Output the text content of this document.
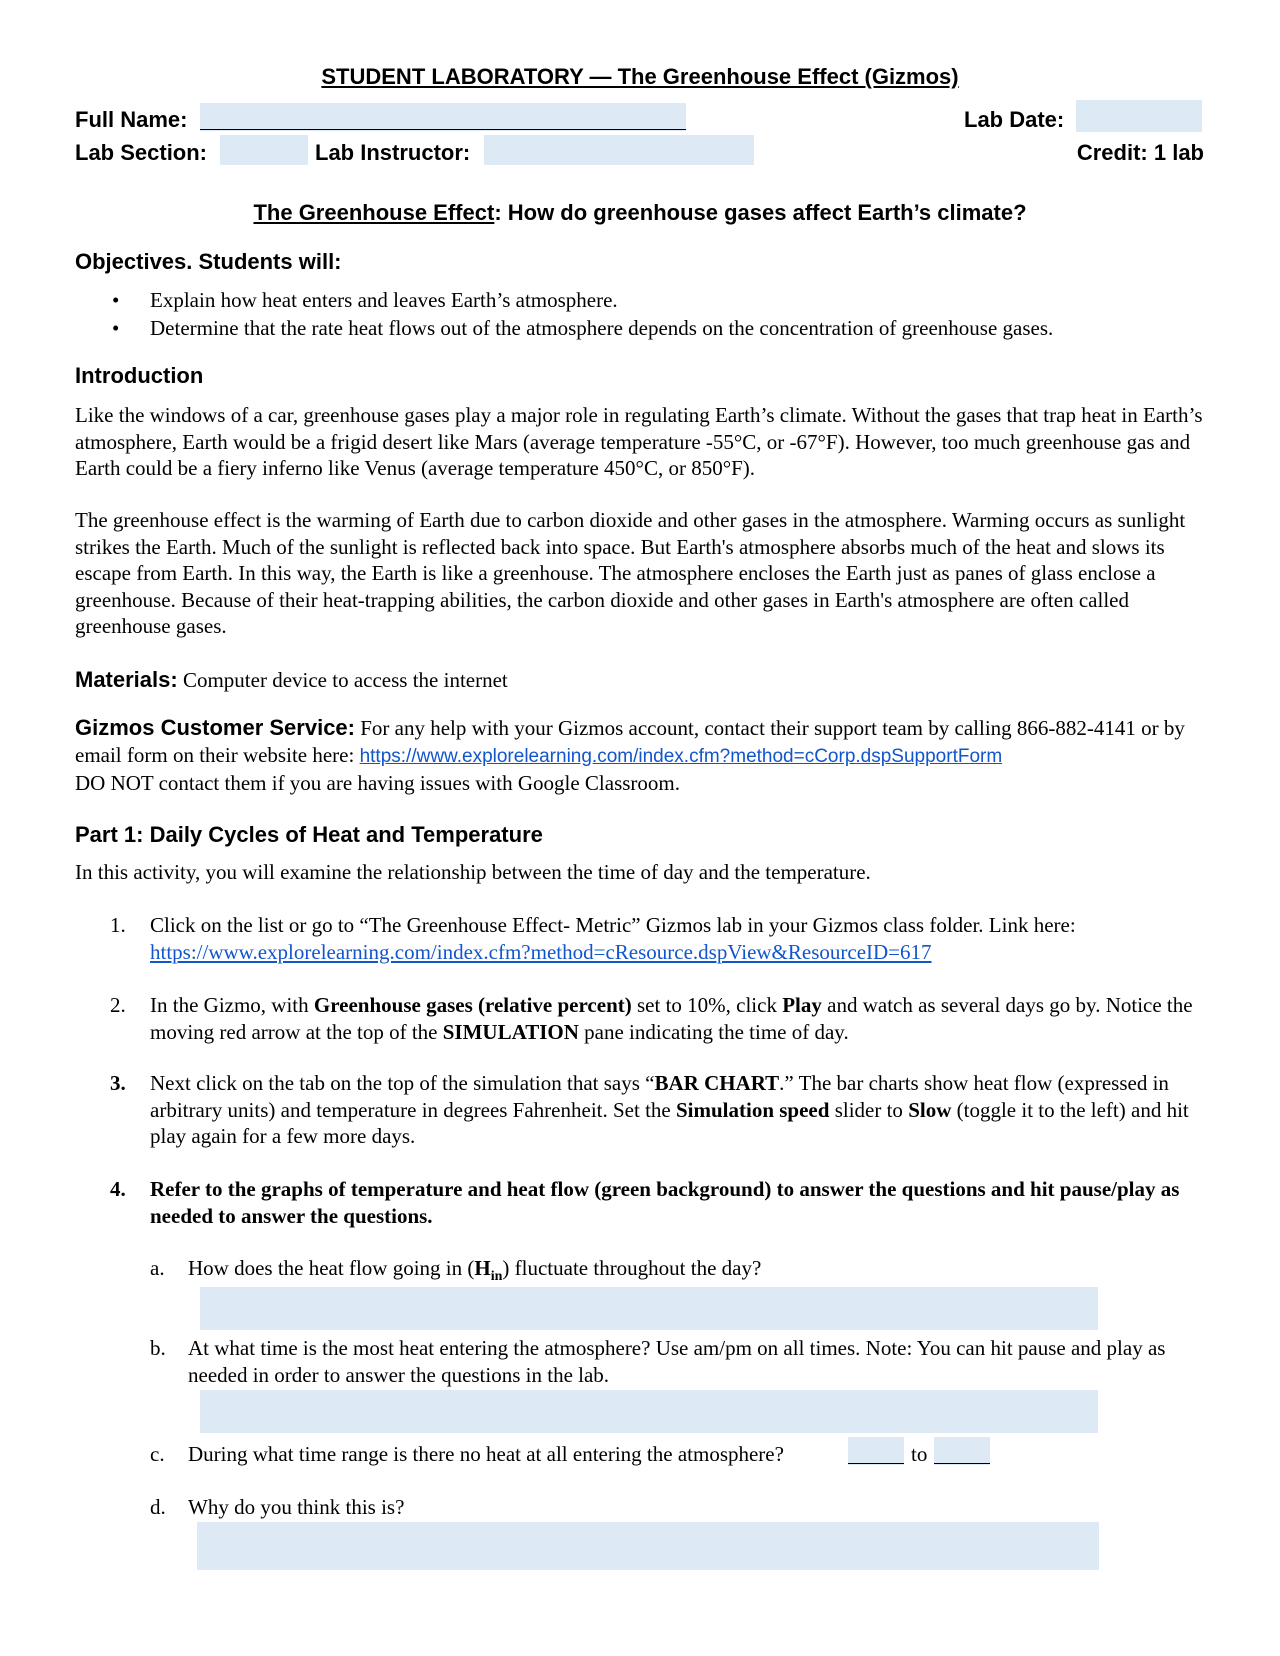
STUDENT LABORATORY — The Greenhouse Effect (Gizmos)
Full Name:	Lab Date:
Lab Section:	Lab Instructor:	Credit: 1 lab
The Greenhouse Effect: How do greenhouse gases affect Earth’s climate?
Objectives. Students will:
• Explain how heat enters and leaves Earth’s atmosphere.
• Determine that the rate heat flows out of the atmosphere depends on the concentration of greenhouse gases.
Introduction
Like the windows of a car, greenhouse gases play a major role in regulating Earth’s climate. Without the gases that trap heat in Earth’s atmosphere, Earth would be a frigid desert like Mars (average temperature -55°C, or -67°F). However, too much greenhouse gas and Earth could be a fiery inferno like Venus (average temperature 450°C, or 850°F).
The greenhouse effect is the warming of Earth due to carbon dioxide and other gases in the atmosphere. Warming occurs as sunlight strikes the Earth. Much of the sunlight is reflected back into space. But Earth's atmosphere absorbs much of the heat and slows its escape from Earth. In this way, the Earth is like a greenhouse. The atmosphere encloses the Earth just as panes of glass enclose a greenhouse. Because of their heat-trapping abilities, the carbon dioxide and other gases in Earth's atmosphere are often called greenhouse gases.
Materials: Computer device to access the internet
Gizmos Customer Service: For any help with your Gizmos account, contact their support team by calling 866-882-4141 or by email form on their website here: https://www.explorelearning.com/index.cfm?method=cCorp.dspSupportForm
DO NOT contact them if you are having issues with Google Classroom.
Part 1: Daily Cycles of Heat and Temperature
In this activity, you will examine the relationship between the time of day and the temperature.
1.	Click on the list or go to “The Greenhouse Effect- Metric” Gizmos lab in your Gizmos class folder. Link here:
https://www.explorelearning.com/index.cfm?method=cResource.dspView&ResourceID=617
2.	In the Gizmo, with Greenhouse gases (relative percent) set to 10%, click Play and watch as several days go by. Notice the moving red arrow at the top of the SIMULATION pane indicating the time of day.
3.	Next click on the tab on the top of the simulation that says “BAR CHART.” The bar charts show heat flow (expressed in arbitrary units) and temperature in degrees Fahrenheit. Set the Simulation speed slider to Slow (toggle it to the left) and hit play again for a few more days.
4.	Refer to the graphs of temperature and heat flow (green background) to answer the questions and hit pause/play as needed to answer the questions.
a. How does the heat flow going in $(H_{in})$ fluctuate throughout the day?
b. At what time is the most heat entering the atmosphere? Use am/pm on all times. Note: You can hit pause and play as needed in order to answer the questions in the lab.
c. During what time range is there no heat at all entering the atmosphere?	to
d. Why do you think this is?
